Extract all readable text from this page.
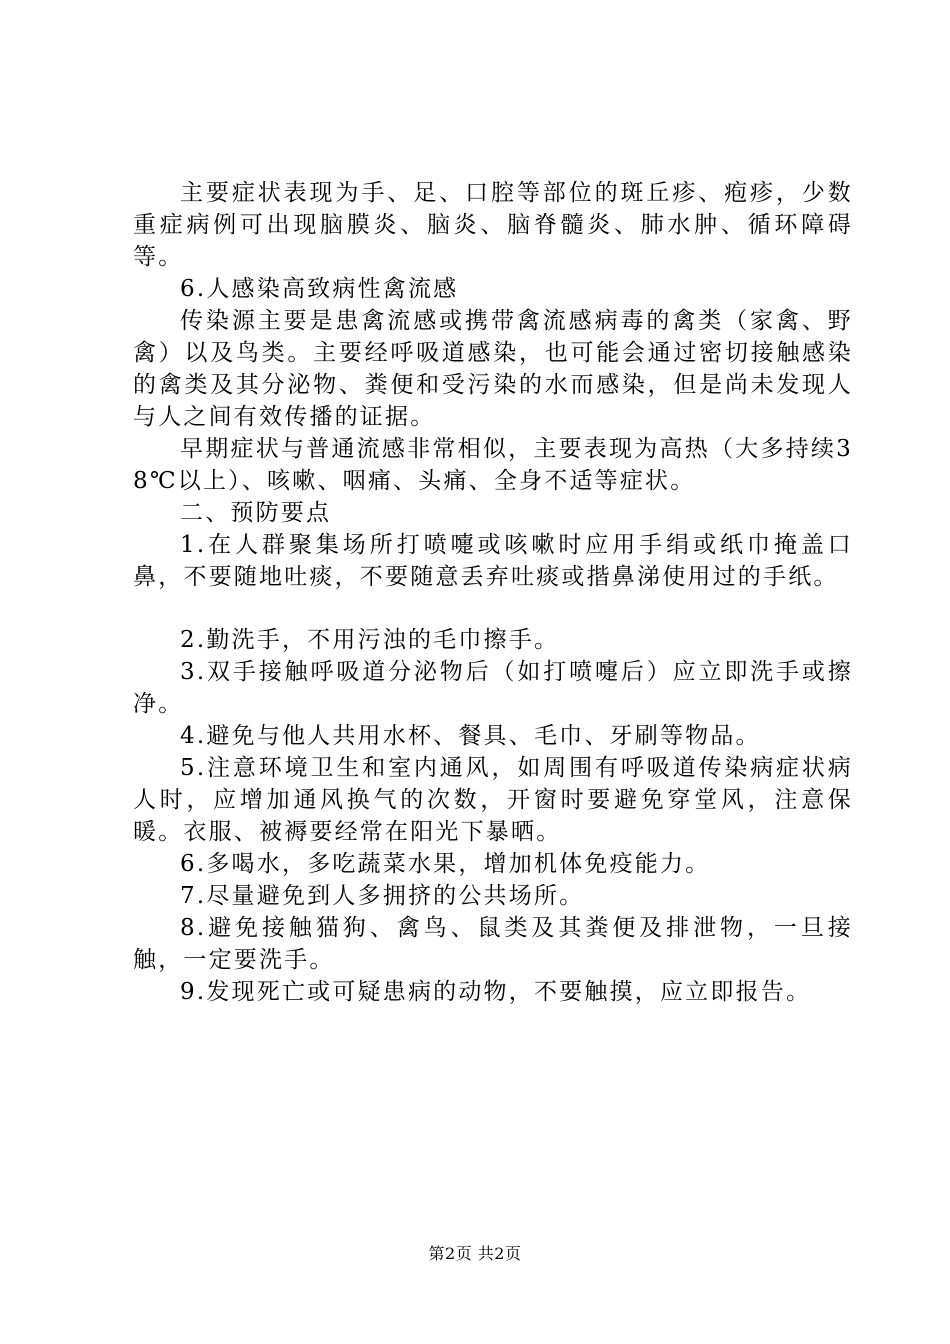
主要症状表现为手、足、口腔等部位的斑丘疹、疱疹，少数重症病例可出现脑膜炎、脑炎、脑脊髓炎、肺水肿、循环障碍等。

6.人感染高致病性禽流感

传染源主要是患禽流感或携带禽流感病毒的禽类（家禽、野禽）以及鸟类。主要经呼吸道感染，也可能会通过密切接触感染的禽类及其分泌物、粪便和受污染的水而感染，但是尚未发现人与人之间有效传播的证据。

早期症状与普通流感非常相似，主要表现为高热（大多持续38℃以上）、咳嗽、咽痛、头痛、全身不适等症状。

二、预防要点

1.在人群聚集场所打喷嚏或咳嗽时应用手绢或纸巾掩盖口鼻，不要随地吐痰，不要随意丢弃吐痰或揩鼻涕使用过的手纸。

2.勤洗手，不用污浊的毛巾擦手。

3.双手接触呼吸道分泌物后（如打喷嚏后）应立即洗手或擦净。

4.避免与他人共用水杯、餐具、毛巾、牙刷等物品。

5.注意环境卫生和室内通风，如周围有呼吸道传染病症状病人时，应增加通风换气的次数，开窗时要避免穿堂风，注意保暖。衣服、被褥要经常在阳光下暴晒。

6.多喝水，多吃蔬菜水果，增加机体免疫能力。

7.尽量避免到人多拥挤的公共场所。

8.避免接触猫狗、禽鸟、鼠类及其粪便及排泄物，一旦接触，一定要洗手。

9.发现死亡或可疑患病的动物，不要触摸，应立即报告。

第2页 共2页
